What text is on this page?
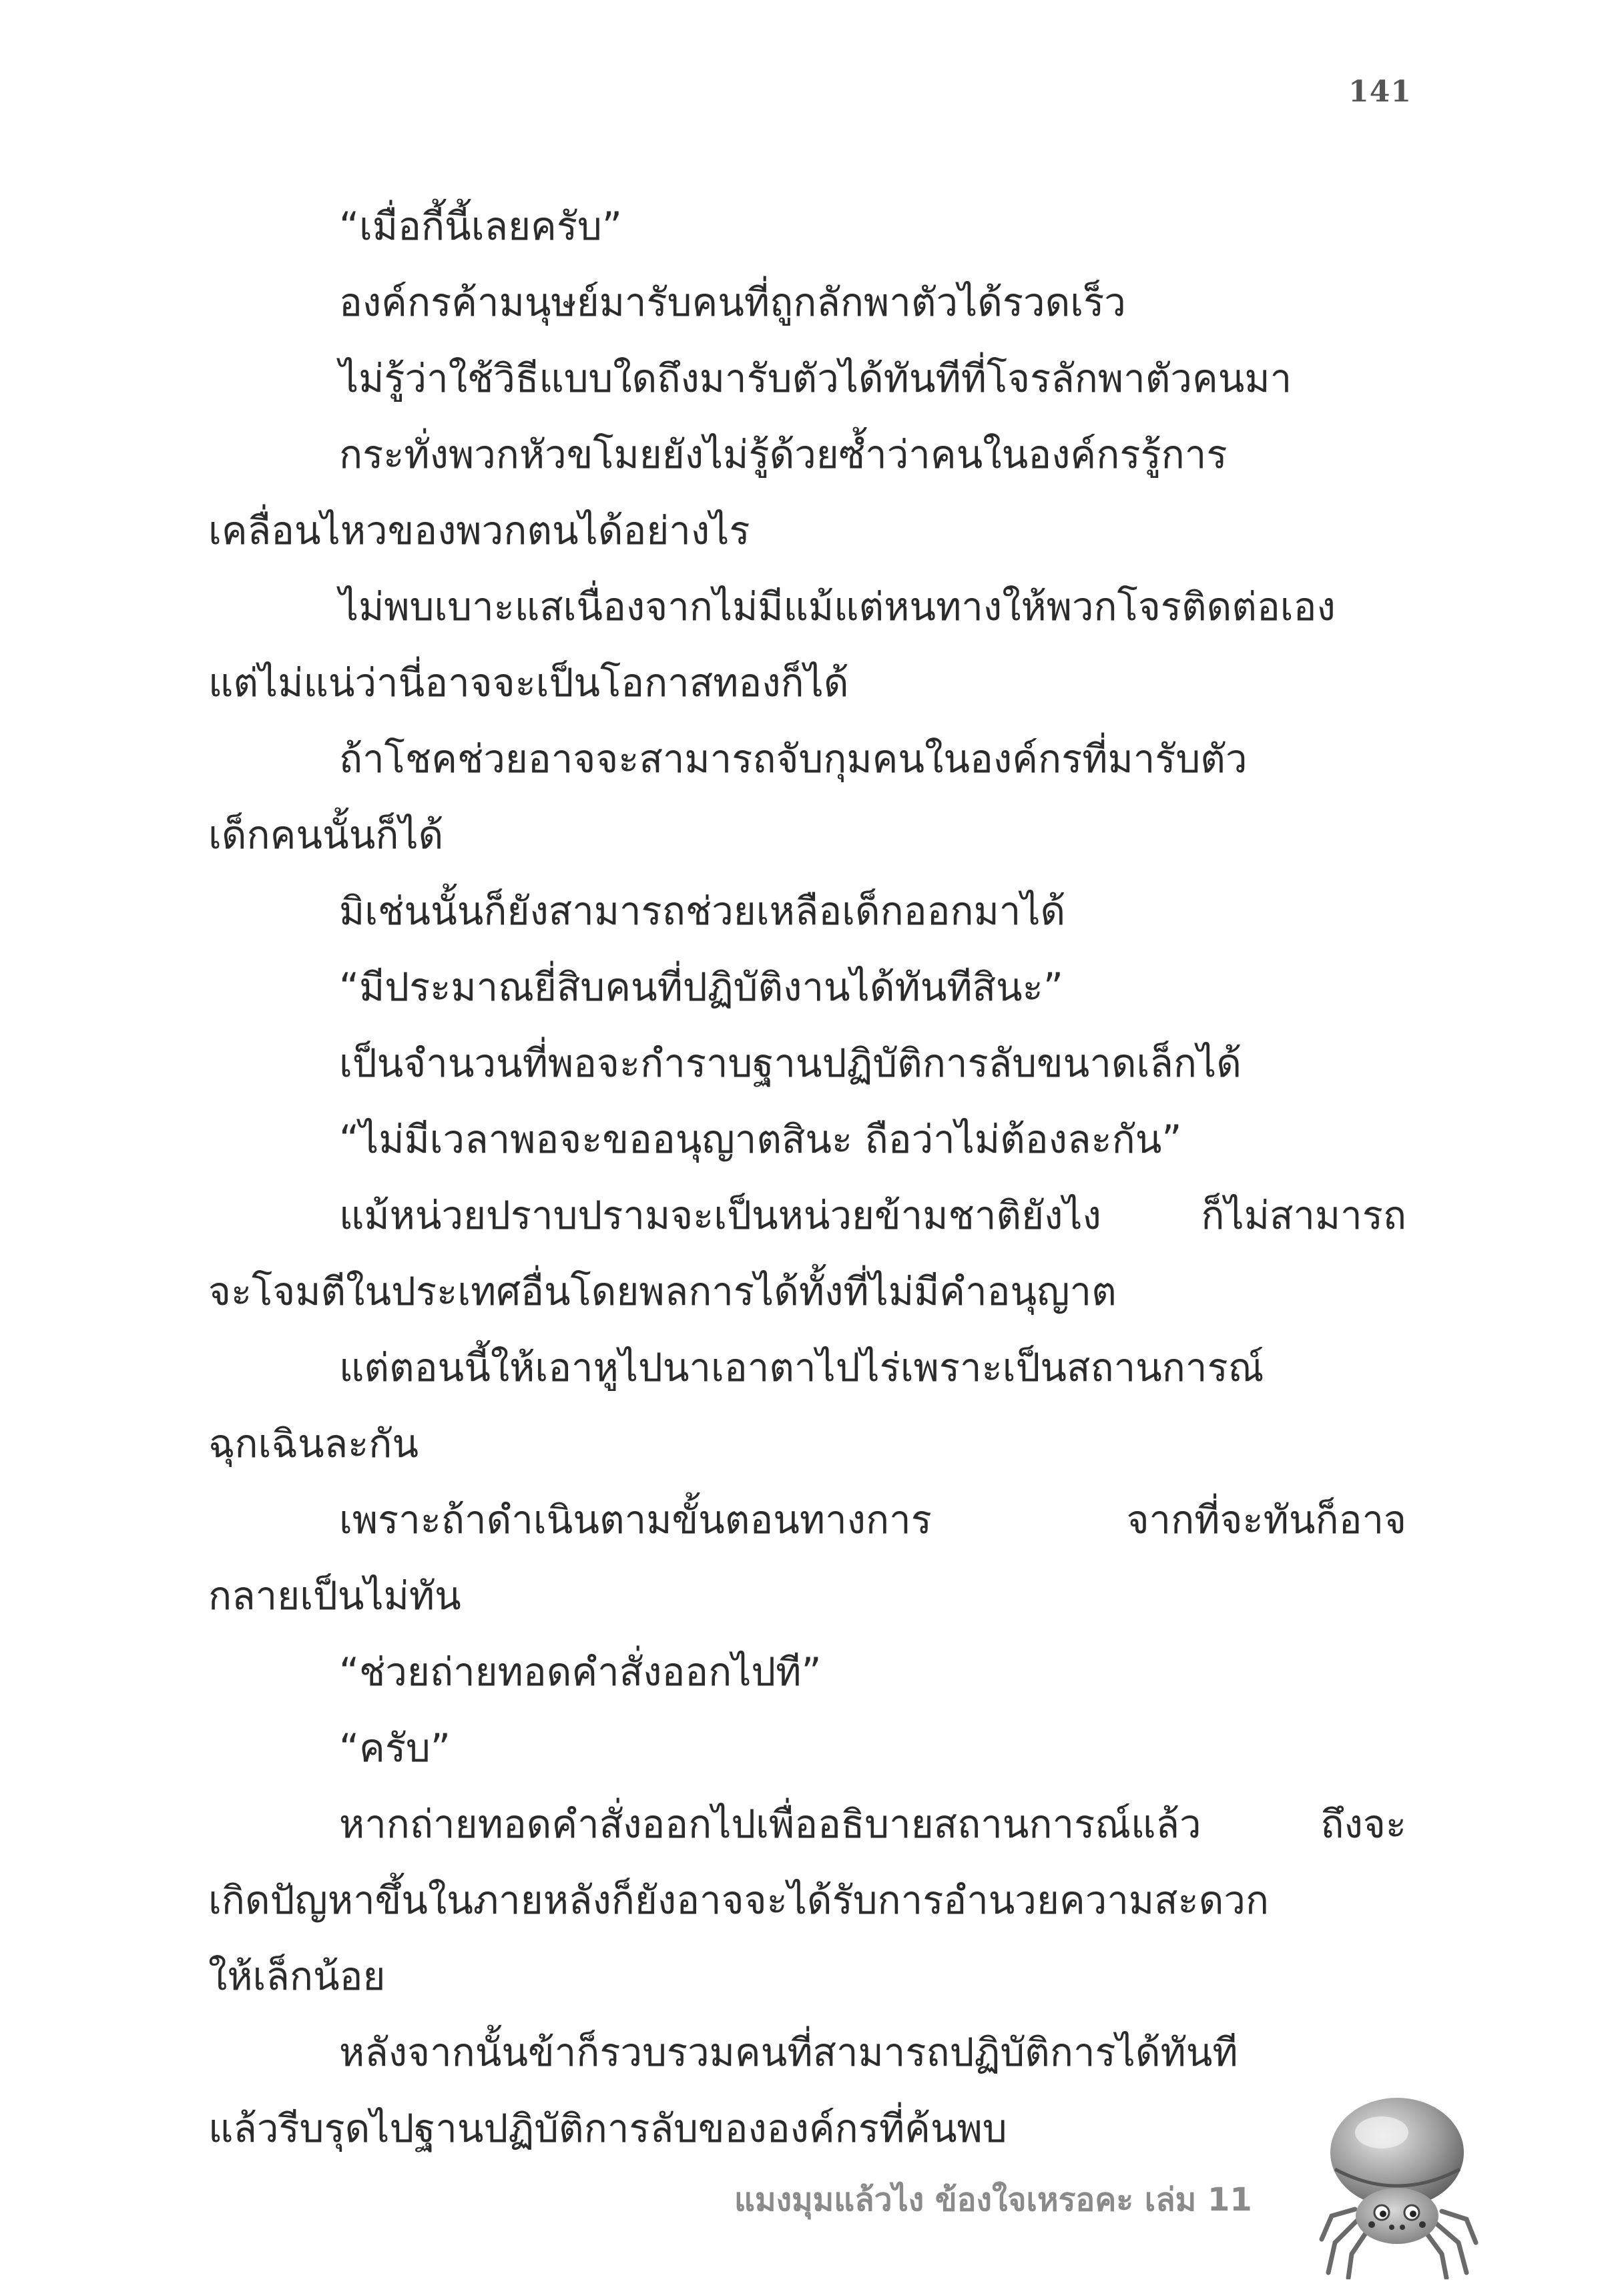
141
“เมื่อกี้นี้เลยครับ”
องค์กรค้ามนุษย์มารับคนที่ถูกลักพาตัวได้รวดเร็ว
ไม่รู้ว่าใช้วิธีแบบใดถึงมารับตัวได้ทันทีที่โจรลักพาตัวคนมา
กระทั่งพวกหัวขโมยยังไม่รู้ด้วยซ้ำว่าคนในองค์กรรู้การ
เคลื่อนไหวของพวกตนได้อย่างไร
ไม่พบเบาะแสเนื่องจากไม่มีแม้แต่หนทางให้พวกโจรติดต่อเอง
แต่ไม่แน่ว่านี่อาจจะเป็นโอกาสทองก็ได้
ถ้าโชคช่วยอาจจะสามารถจับกุมคนในองค์กรที่มารับตัว
เด็กคนนั้นก็ได้
มิเช่นนั้นก็ยังสามารถช่วยเหลือเด็กออกมาได้
“มีประมาณยี่สิบคนที่ปฏิบัติงานได้ทันทีสินะ”
เป็นจำนวนที่พอจะกำราบฐานปฏิบัติการลับขนาดเล็กได้
“ไม่มีเวลาพอจะขออนุญาตสินะ ถือว่าไม่ต้องละกัน”
แม้หน่วยปราบปรามจะเป็นหน่วยข้ามชาติยังไง ก็ไม่สามารถ
จะโจมตีในประเทศอื่นโดยพลการได้ทั้งที่ไม่มีคำอนุญาต
แต่ตอนนี้ให้เอาหูไปนาเอาตาไปไร่เพราะเป็นสถานการณ์
ฉุกเฉินละกัน
เพราะถ้าดำเนินตามขั้นตอนทางการ จากที่จะทันก็อาจ
กลายเป็นไม่ทัน
“ช่วยถ่ายทอดคำสั่งออกไปที”
“ครับ”
หากถ่ายทอดคำสั่งออกไปเพื่ออธิบายสถานการณ์แล้ว ถึงจะ
เกิดปัญหาขึ้นในภายหลังก็ยังอาจจะได้รับการอำนวยความสะดวก
ให้เล็กน้อย
หลังจากนั้นข้าก็รวบรวมคนที่สามารถปฏิบัติการได้ทันที
แล้วรีบรุดไปฐานปฏิบัติการลับขององค์กรที่ค้นพบ
แมงมุมแล้วไง ข้องใจเหรอคะ เล่ม 11
